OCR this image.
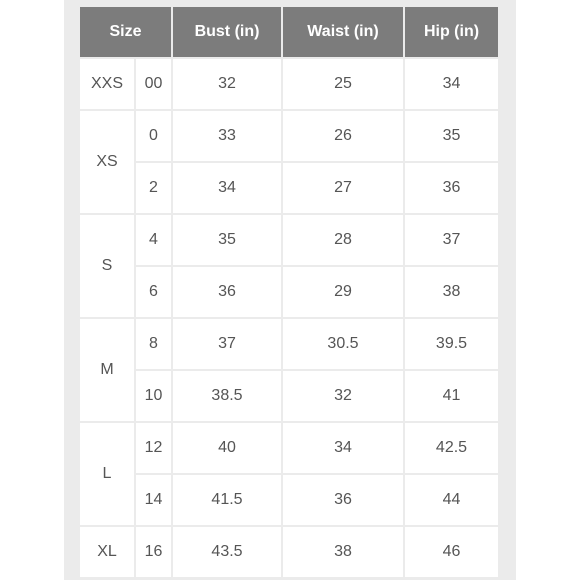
Size		Bust (in)	Waist (in)	Hip (in)
XXS	00	32	25	34
XS	0	33	26	35
	2	34	27	36
S	4	35	28	37
	6	36	29	38
M	8	37	30.5	39.5
	10	38.5	32	41
L	12	40	34	42.5
	14	41.5	36	44
XL	16	43.5	38	46
